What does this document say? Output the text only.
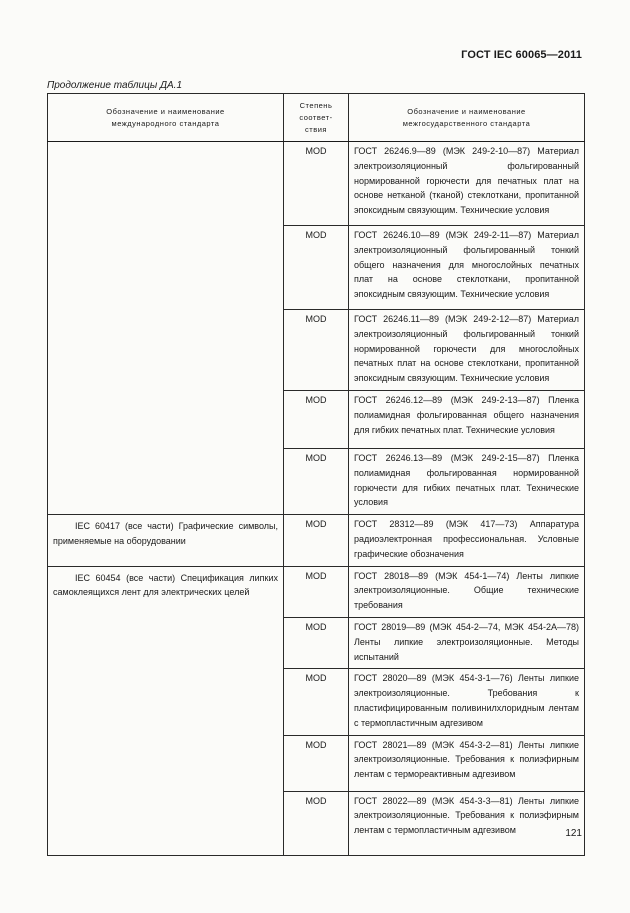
ГОСТ IEC 60065—2011
Продолжение таблицы ДА.1
Обозначение и наименование международного стандарта	Степень соответ-ствия	Обозначение и наименование межгосударственного стандарта

	MOD	ГОСТ 26246.9—89 (МЭК 249-2-10—87) Материал электроизоляционный фольгированный нормированной горючести для печатных плат на основе нетканой (тканой) стеклоткани, пропитанной эпоксидным связующим. Технические условия

	MOD	ГОСТ 26246.10—89 (МЭК 249-2-11—87) Материал электроизоляционный фольгированный тонкий общего назначения для многослойных печатных плат на основе стеклоткани, пропитанной эпоксидным связующим. Технические условия

	MOD	ГОСТ 26246.11—89 (МЭК 249-2-12—87) Материал электроизоляционный фольгированный тонкий нормированной горючести для многослойных печатных плат на основе стеклоткани, пропитанной эпоксидным связующим. Технические условия

	MOD	ГОСТ 26246.12—89 (МЭК 249-2-13—87) Пленка полиамидная фольгированная общего назначения для гибких печатных плат. Технические условия

	MOD	ГОСТ 26246.13—89 (МЭК 249-2-15—87) Пленка полиамидная фольгированная нормированной горючести для гибких печатных плат. Технические условия

IEC 60417 (все части) Графические символы, применяемые на оборудовании	MOD	ГОСТ 28312—89 (МЭК 417—73) Аппаратура радиоэлектронная профессиональная. Условные графические обозначения

IEC 60454 (все части) Спецификация липких самоклеящихся лент для электрических целей	MOD	ГОСТ 28018—89 (МЭК 454-1—74) Ленты липкие электроизоляционные. Общие технические требования

	MOD	ГОСТ 28019—89 (МЭК 454-2—74, МЭК 454-2А—78) Ленты липкие электроизоляционные. Методы испытаний

	MOD	ГОСТ 28020—89 (МЭК 454-3-1—76) Ленты липкие электроизоляционные. Требования к пластифицированным поливинилхлоридным лентам с термопластичным адгезивом

	MOD	ГОСТ 28021—89 (МЭК 454-3-2—81) Ленты липкие электроизоляционные. Требования к полиэфирным лентам с термореактивным адгезивом

	MOD	ГОСТ 28022—89 (МЭК 454-3-3—81) Ленты липкие электроизоляционные. Требования к полиэфирным лентам с термопластичным адгезивом	121
